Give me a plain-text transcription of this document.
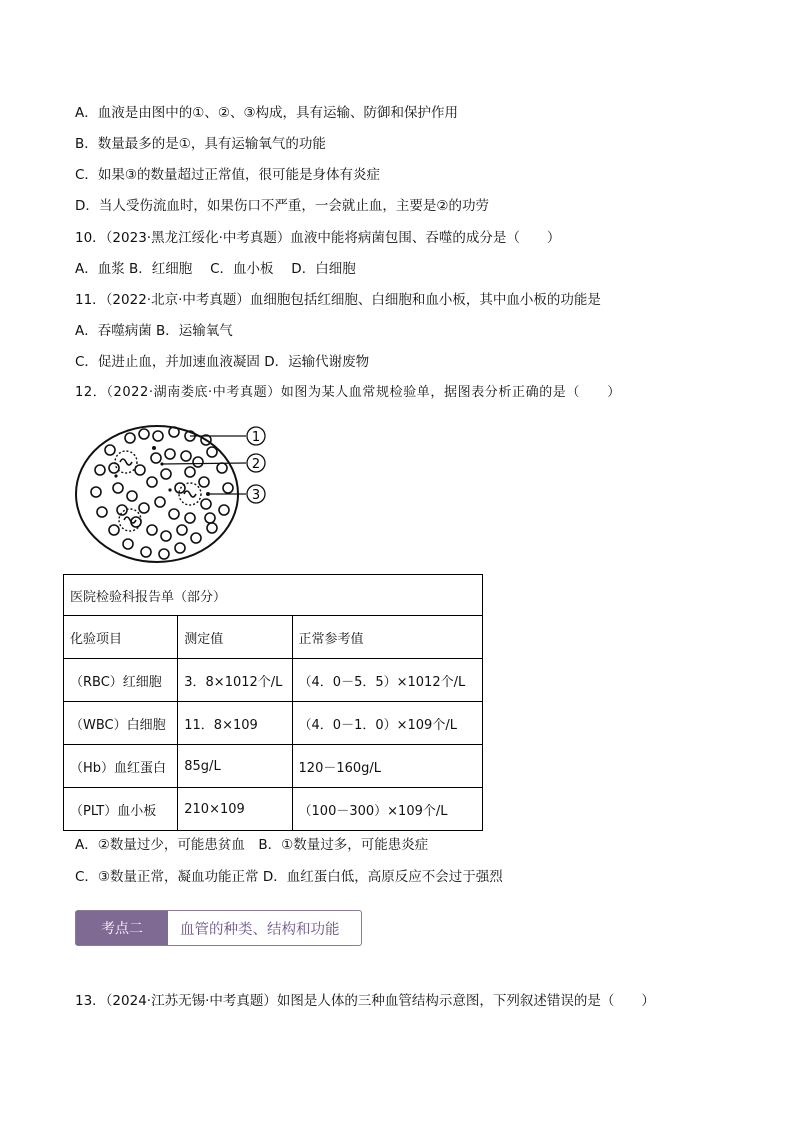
A．血液是由图中的①、②、③构成，具有运输、防御和保护作用
B．数量最多的是①，具有运输氧气的功能
C．如果③的数量超过正常值，很可能是身体有炎症
D．当人受伤流血时，如果伤口不严重，一会就止血，主要是②的功劳
10．（2023·黑龙江绥化·中考真题）血液中能将病菌包围、吞噬的成分是（　　）
A．血浆 B．红细胞　 C．血小板　 D．白细胞
11．（2022·北京·中考真题）血细胞包括红细胞、白细胞和血小板，其中血小板的功能是
A．吞噬病菌 B．运输氧气
C．促进止血，并加速血液凝固 D．运输代谢废物
12．（2022·湖南娄底·中考真题）如图为某人血常规检验单，据图表分析正确的是（　　）
1
2
3
医院检验科报告单（部分）		
化验项目	测定值	正常参考值
（RBC）红细胞	3．8×1012个/L	（4．0－5．5）×1012个/L
（WBC）白细胞	11．8×109	（4．0－1．0）×109个/L
（Hb）血红蛋白	85g/L	120－160g/L
（PLT）血小板	210×109	（100－300）×109个/L
A．②数量过少，可能患贫血　B．①数量过多，可能患炎症
C．③数量正常，凝血功能正常 D．血红蛋白低，高原反应不会过于强烈
考点二	血管的种类、结构和功能
13．（2024·江苏无锡·中考真题）如图是人体的三种血管结构示意图，下列叙述错误的是（　　）
